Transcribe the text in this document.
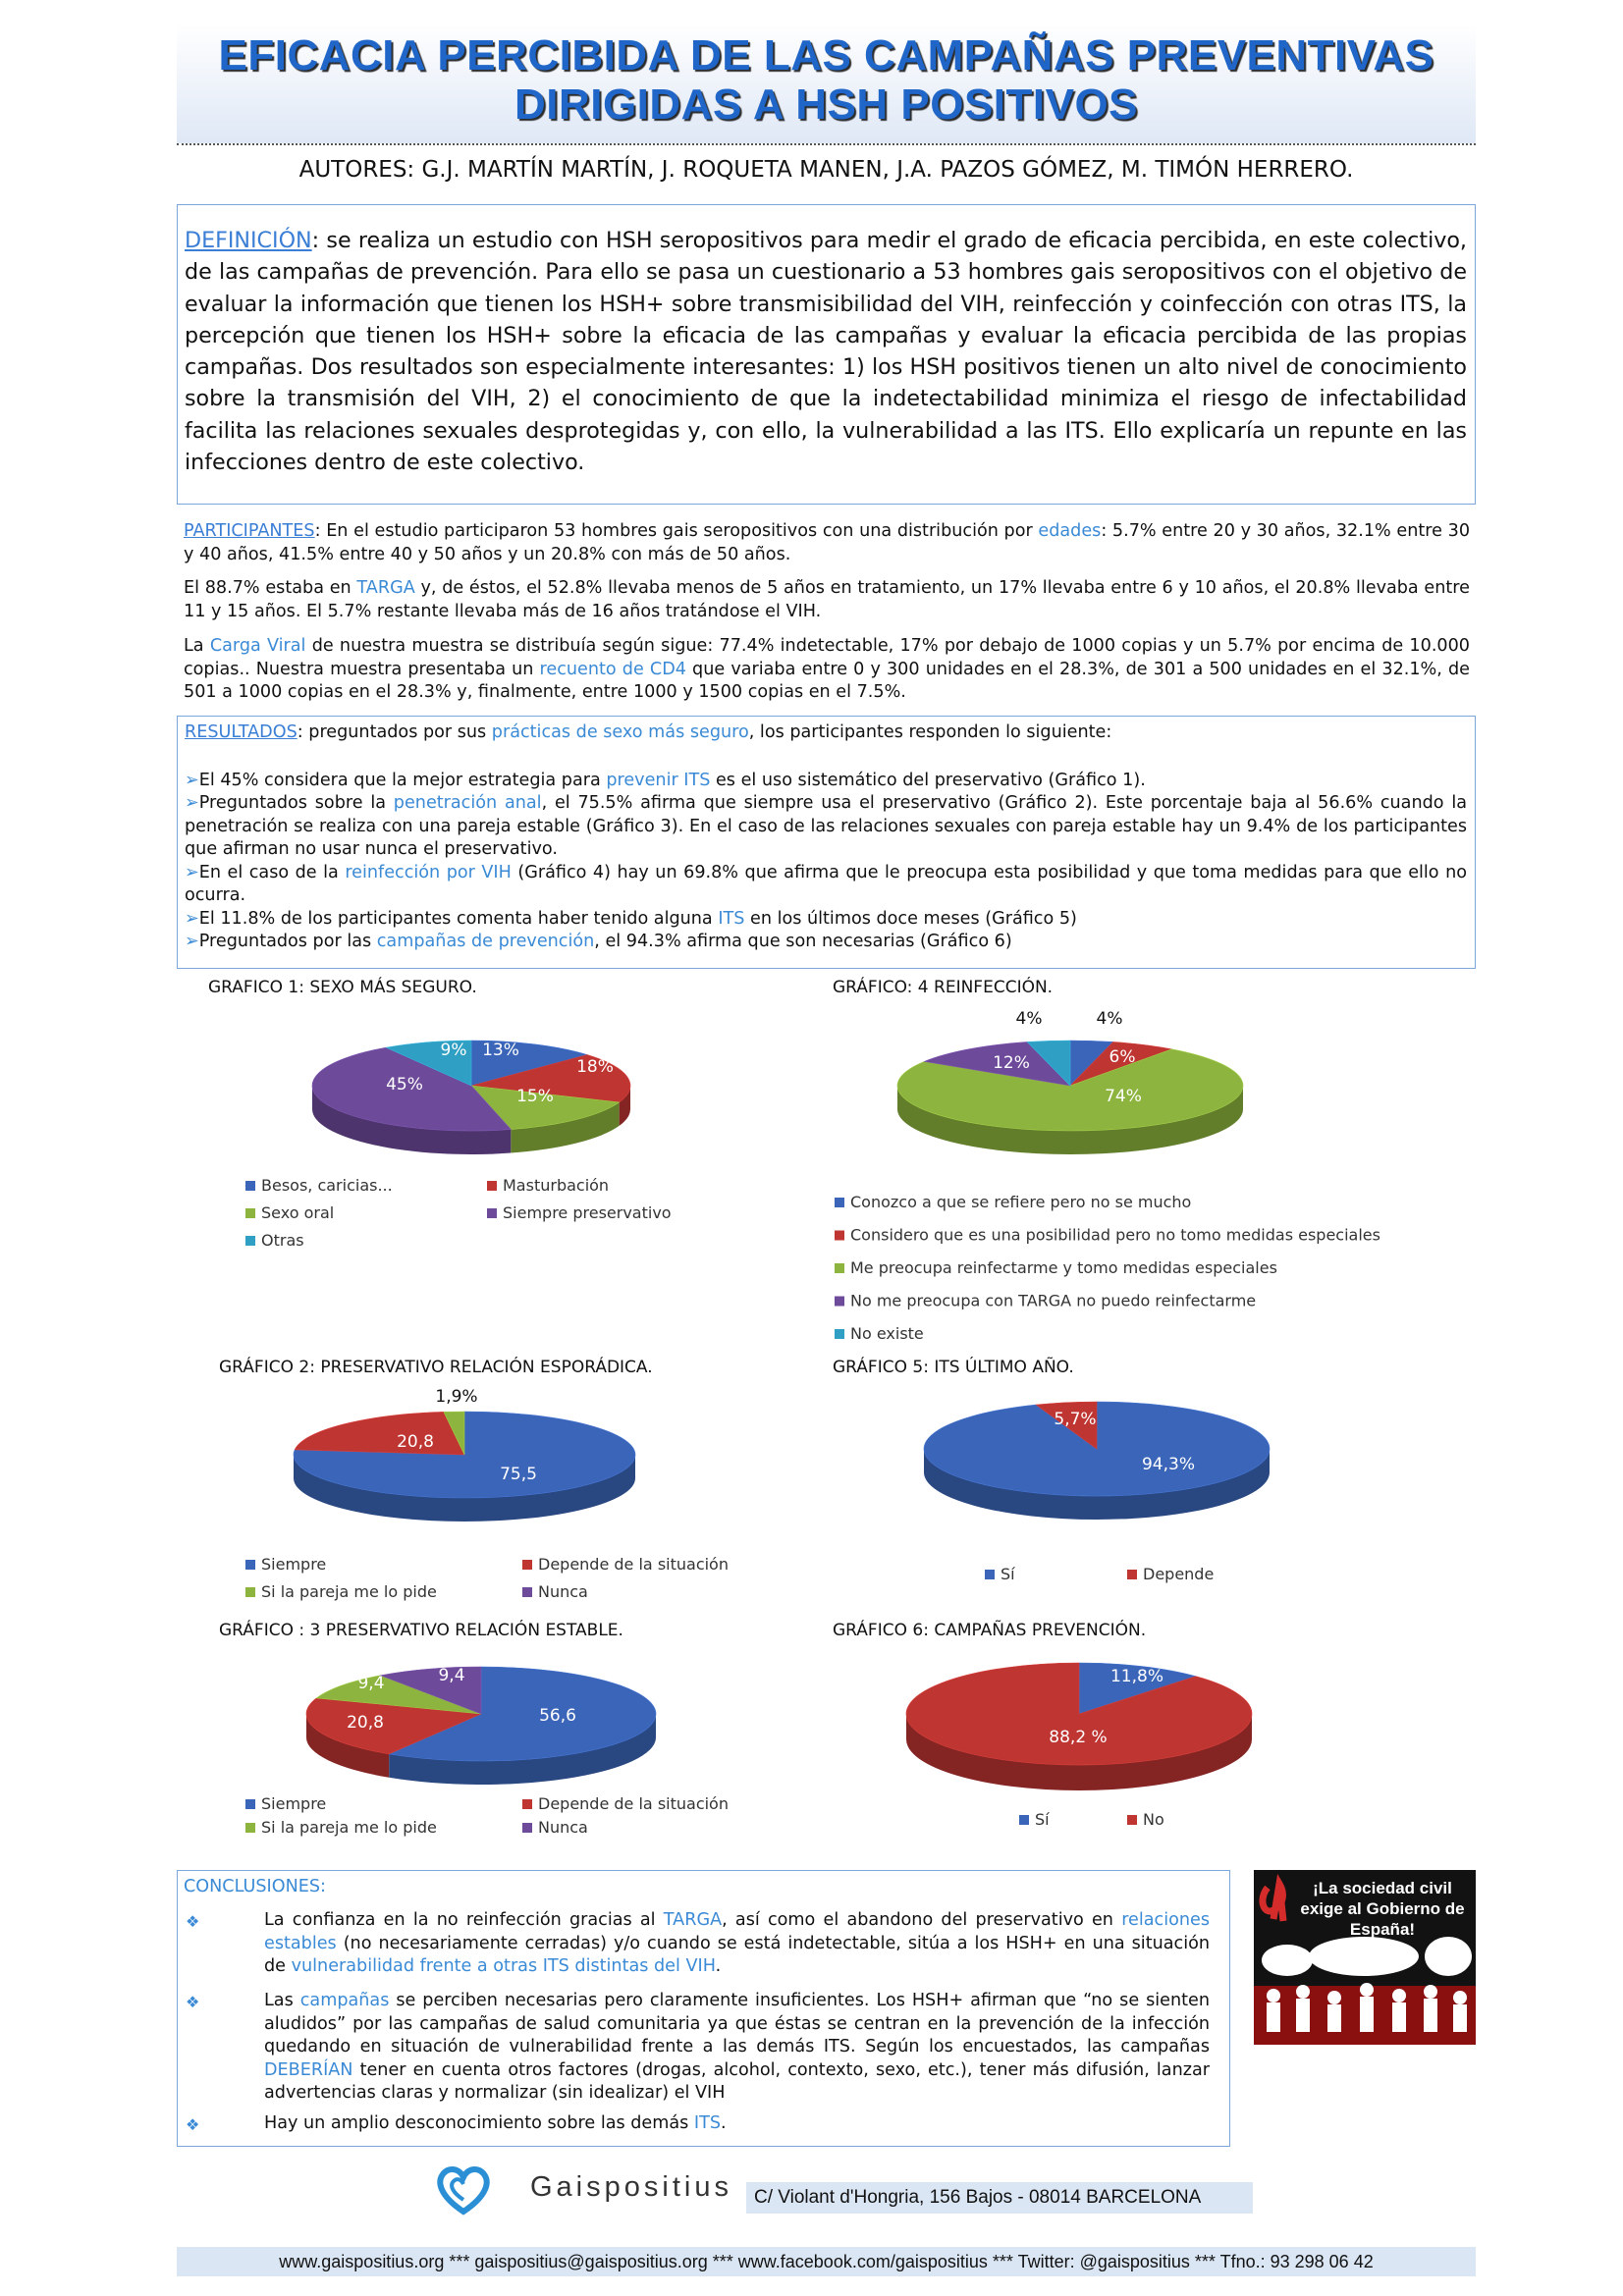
EFICACIA PERCIBIDA DE LAS CAMPAÑAS PREVENTIVAS
DIRIGIDAS A HSH POSITIVOS
AUTORES: G.J. MARTÍN MARTÍN, J. ROQUETA MANEN, J.A. PAZOS GÓMEZ, M. TIMÓN HERRERO.
DEFINICIÓN: se realiza un estudio con HSH seropositivos para medir el grado de eficacia percibida, en este colectivo, de las campañas de prevención. Para ello se pasa un cuestionario a 53 hombres gais seropositivos con el objetivo de evaluar la información que tienen los HSH+ sobre transmisibilidad del VIH, reinfección y coinfección con otras ITS, la percepción que tienen los HSH+ sobre la eficacia de las campañas y evaluar la eficacia percibida de las propias campañas. Dos resultados son especialmente interesantes: 1) los HSH positivos tienen un alto nivel de conocimiento sobre la transmisión del VIH, 2) el conocimiento de que la indetectabilidad minimiza el riesgo de infectabilidad facilita las relaciones sexuales desprotegidas y, con ello, la vulnerabilidad a las ITS. Ello explicaría un repunte en las infecciones dentro de este colectivo.
PARTICIPANTES: En el estudio participaron 53 hombres gais seropositivos con una distribución por edades: 5.7% entre 20 y 30 años, 32.1% entre 30 y 40 años, 41.5% entre 40 y 50 años y un 20.8% con más de 50 años.
El 88.7% estaba en TARGA y, de éstos, el 52.8% llevaba menos de 5 años en tratamiento, un 17% llevaba entre 6 y 10 años, el 20.8% llevaba entre 11 y 15 años. El 5.7% restante llevaba más de 16 años tratándose el VIH.
La Carga Viral de nuestra muestra se distribuía según sigue: 77.4% indetectable, 17% por debajo de 1000 copias y un 5.7% por encima de 10.000 copias.. Nuestra muestra presentaba un recuento de CD4 que variaba entre 0 y 300 unidades en el 28.3%, de 301 a 500 unidades en el 32.1%, de 501 a 1000 copias en el 28.3% y, finalmente, entre 1000 y 1500 copias en el 7.5%.
RESULTADOS: preguntados por sus prácticas de sexo más seguro, los participantes responden lo siguiente:
➢El 45% considera que la mejor estrategia para prevenir ITS es el uso sistemático del preservativo (Gráfico 1).
➢Preguntados sobre la penetración anal, el 75.5% afirma que siempre usa el preservativo (Gráfico 2). Este porcentaje baja al 56.6% cuando la penetración se realiza con una pareja estable (Gráfico 3). En el caso de las relaciones sexuales con pareja estable hay un 9.4% de los participantes que afirman no usar nunca el preservativo.
➢En el caso de la reinfección por VIH (Gráfico 4) hay un 69.8% que afirma que le preocupa esta posibilidad y que toma medidas para que ello no ocurra.
➢El 11.8% de los participantes comenta haber tenido alguna ITS en los últimos doce meses (Gráfico 5)
➢Preguntados por las campañas de prevención, el 94.3% afirma que son necesarias (Gráfico 6)
GRAFICO 1: SEXO MÁS SEGURO.
13%
18%
15%
45%
9%
Besos, caricias...	Masturbación
Sexo oral	Siempre preservativo
Otras
GRÁFICO: 4 REINFECCIÓN.
4%
6%
74%
12%
4%
Conozco a que se refiere pero no se mucho
Considero que es una posibilidad pero no tomo medidas especiales
Me preocupa reinfectarme y tomo medidas especiales
No me preocupa con TARGA no puedo reinfectarme
No existe
GRÁFICO 2: PRESERVATIVO RELACIÓN ESPORÁDICA.
75,5
20,8
1,9%
Siempre	Depende de la situación
Si la pareja me lo pide	Nunca
GRÁFICO 5: ITS ÚLTIMO AÑO.
94,3%
5,7%
Sí	Depende
GRÁFICO : 3 PRESERVATIVO RELACIÓN ESTABLE.
56,6
20,8
9,4	9,4
Siempre	Depende de la situación
Si la pareja me lo pide	Nunca
GRÁFICO 6: CAMPAÑAS PREVENCIÓN.
11,8%
88,2 %
Sí	No
CONCLUSIONES:
❖	La confianza en la no reinfección gracias al TARGA, así como el abandono del preservativo en relaciones estables (no necesariamente cerradas) y/o cuando se está indetectable, sitúa a los HSH+ en una situación de vulnerabilidad frente a otras ITS distintas del VIH.
❖	Las campañas se perciben necesarias pero claramente insuficientes. Los HSH+ afirman que “no se sienten aludidos” por las campañas de salud comunitaria ya que éstas se centran en la prevención de la infección quedando en situación de vulnerabilidad frente a las demás ITS. Según los encuestados, las campañas DEBERÍAN tener en cuenta otros factores (drogas, alcohol, contexto, sexo, etc.), tener más difusión, lanzar advertencias claras y normalizar (sin idealizar) el VIH
❖	Hay un amplio desconocimiento sobre las demás ITS.
¡La sociedad civil exige al Gobierno de España!
Gaispositius	C/ Violant d'Hongria, 156 Bajos - 08014 BARCELONA
www.gaispositius.org *** gaispositius@gaispositius.org *** www.facebook.com/gaispositius *** Twitter: @gaispositius *** Tfno.: 93 298 06 42
